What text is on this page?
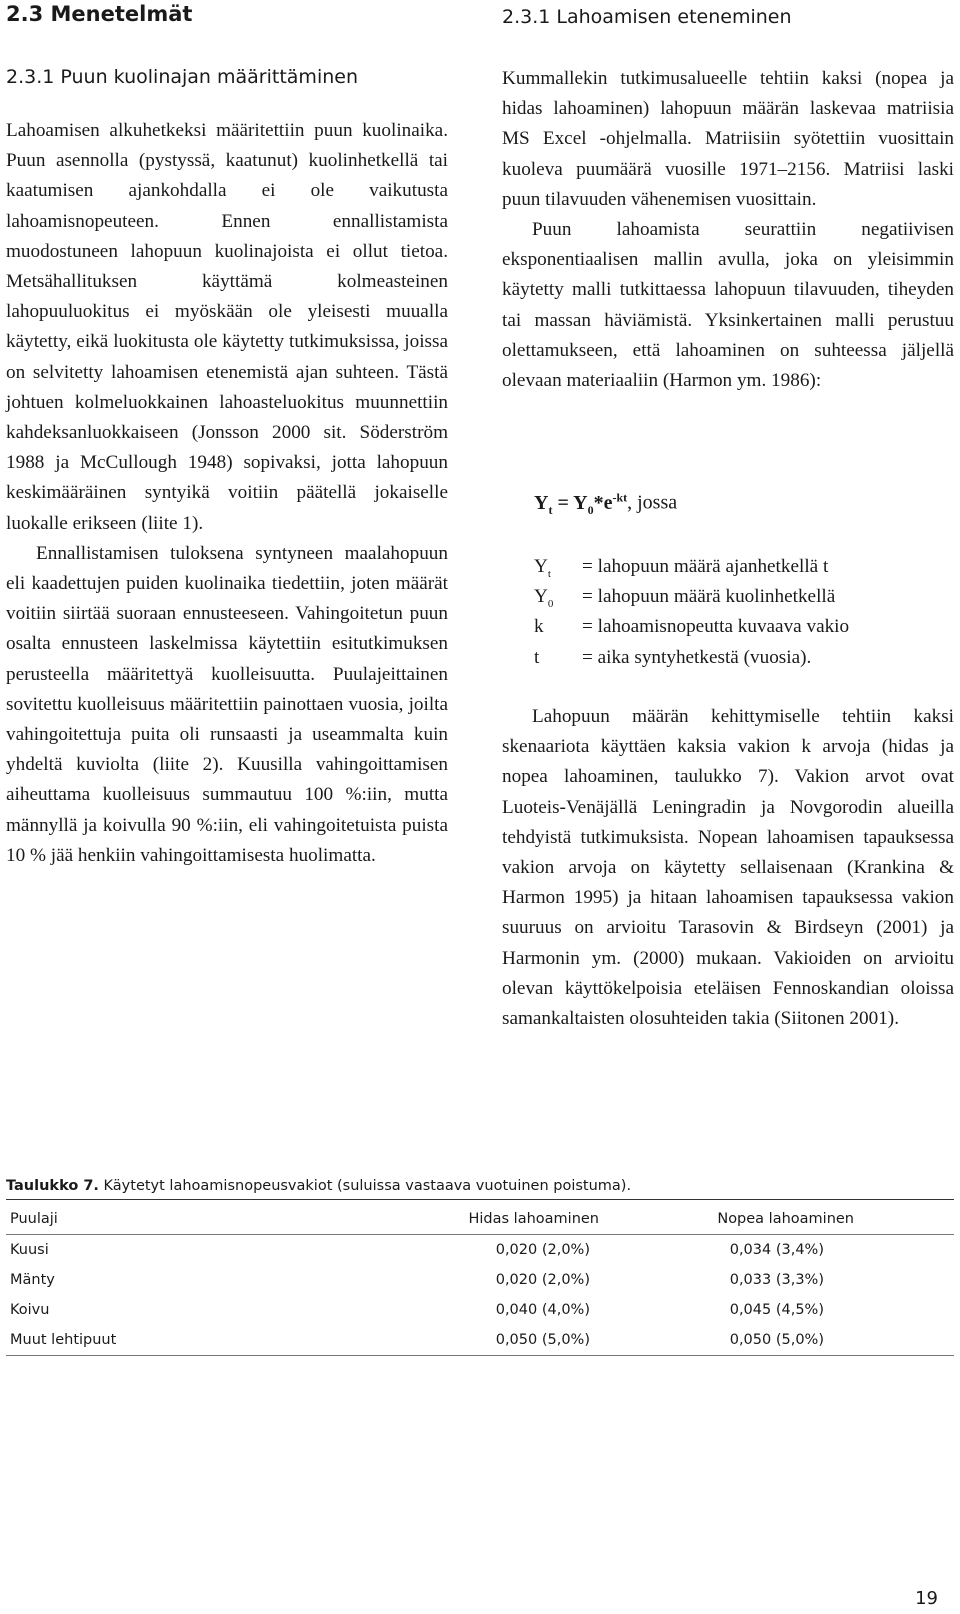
2.3 Menetelmät
2.3.1 Puun kuolinajan määrittäminen

Lahoamisen alkuhetkeksi määritettiin puun kuolinaika. Puun asennolla (pystyssä, kaatunut) kuolinhetkellä tai kaatumisen ajankohdalla ei ole vaikutusta lahoamisnopeuteen. Ennen ennallistamista muodostuneen lahopuun kuolinajoista ei ollut tietoa. Metsähallituksen käyttämä kolmeasteinen lahopuuluokitus ei myöskään ole yleisesti muualla käytetty, eikä luokitusta ole käytetty tutkimuksissa, joissa on selvitetty lahoamisen etenemistä ajan suhteen. Tästä johtuen kolmeluokkainen lahoasteluokitus muunnettiin kahdeksanluokkaiseen (Jonsson 2000 sit. Söderström 1988 ja McCullough 1948) sopivaksi, jotta lahopuun keskimääräinen syntyikä voitiin päätellä jokaiselle luokalle erikseen (liite 1).

Ennallistamisen tuloksena syntyneen maalahopuun eli kaadettujen puiden kuolinaika tiedettiin, joten määrät voitiin siirtää suoraan ennusteeseen. Vahingoitetun puun osalta ennusteen laskelmissa käytettiin esitutkimuksen perusteella määritettyä kuolleisuutta. Puulajeittainen sovitettu kuolleisuus määritettiin painottaen vuosia, joilta vahingoitettuja puita oli runsaasti ja useammalta kuin yhdeltä kuviolta (liite 2). Kuusilla vahingoittamisen aiheuttama kuolleisuus summautuu 100 %:iin, mutta männyllä ja koivulla 90 %:iin, eli vahingoitetuista puista 10 % jää henkiin vahingoittamisesta huolimatta.

2.3.1 Lahoamisen eteneminen

Kummallekin tutkimusalueelle tehtiin kaksi (nopea ja hidas lahoaminen) lahopuun määrän laskevaa matriisia MS Excel -ohjelmalla. Matriisiin syötettiin vuosittain kuoleva puumäärä vuosille 1971–2156. Matriisi laski puun tilavuuden vähenemisen vuosittain.

Puun lahoamista seurattiin negatiivisen eksponentiaalisen mallin avulla, joka on yleisimmin käytetty malli tutkittaessa lahopuun tilavuuden, tiheyden tai massan häviämistä. Yksinkertainen malli perustuu olettamukseen, että lahoaminen on suhteessa jäljellä olevaan materiaaliin (Harmon ym. 1986):

$Y_t = Y_0*e^{-kt}$, jossa
$Y_t$	= lahopuun määrä ajanhetkellä t
$Y_0$	= lahopuun määrä kuolinhetkellä
k	= lahoamisnopeutta kuvaava vakio
t	= aika syntyhetkestä (vuosia).

Lahopuun määrän kehittymiselle tehtiin kaksi skenaariota käyttäen kaksia vakion k arvoja (hidas ja nopea lahoaminen, taulukko 7). Vakion arvot ovat Luoteis-Venäjällä Leningradin ja Novgorodin alueilla tehdyistä tutkimuksista. Nopean lahoamisen tapauksessa vakion arvoja on käytetty sellaisenaan (Krankina & Harmon 1995) ja hitaan lahoamisen tapauksessa vakion suuruus on arvioitu Tarasovin & Birdseyn (2001) ja Harmonin ym. (2000) mukaan. Vakioiden on arvioitu olevan käyttökelpoisia eteläisen Fennoskandian oloissa samankaltaisten olosuhteiden takia (Siitonen 2001).

Taulukko 7. Käytetyt lahoamisnopeusvakiot (suluissa vastaava vuotuinen poistuma).
Puulaji	Hidas lahoaminen	Nopea lahoaminen
Kuusi	0,020 (2,0%)	0,034 (3,4%)
Mänty	0,020 (2,0%)	0,033 (3,3%)
Koivu	0,040 (4,0%)	0,045 (4,5%)
Muut lehtipuut	0,050 (5,0%)	0,050 (5,0%)
19
